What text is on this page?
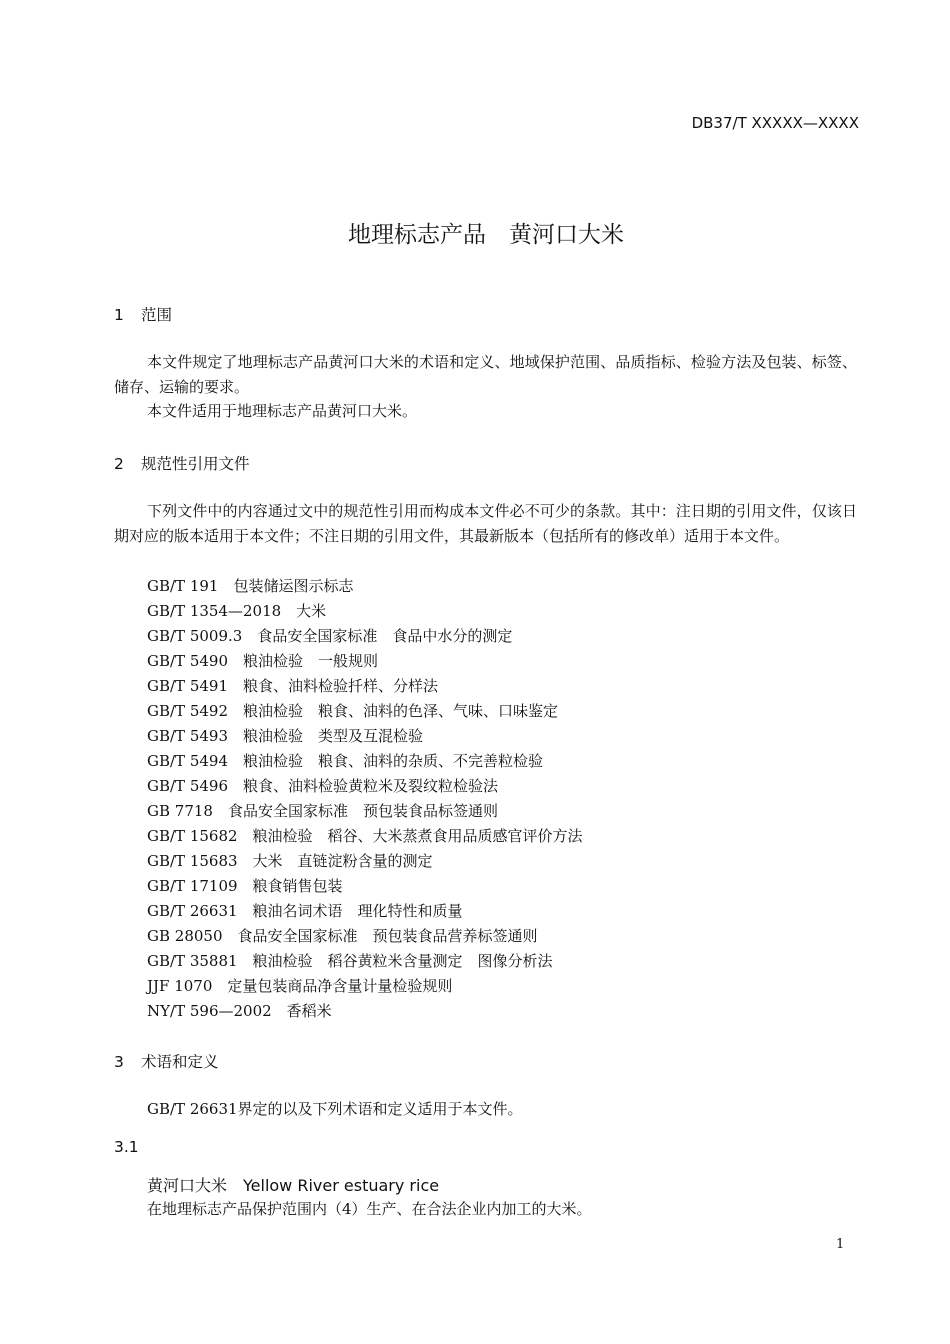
DB37/T XXXXX—XXXX
地理标志产品　黄河口大米
1 范围
本文件规定了地理标志产品黄河口大米的术语和定义、地域保护范围、品质指标、检验方法及包装、标签、储存、运输的要求。
本文件适用于地理标志产品黄河口大米。
2 规范性引用文件
下列文件中的内容通过文中的规范性引用而构成本文件必不可少的条款。其中：注日期的引用文件，仅该日期对应的版本适用于本文件；不注日期的引用文件，其最新版本（包括所有的修改单）适用于本文件。
GB/T 191　包装储运图示标志
GB/T 1354—2018　大米
GB/T 5009.3　食品安全国家标准　食品中水分的测定
GB/T 5490　粮油检验　一般规则
GB/T 5491　粮食、油料检验扦样、分样法
GB/T 5492　粮油检验　粮食、油料的色泽、气味、口味鉴定
GB/T 5493　粮油检验　类型及互混检验
GB/T 5494　粮油检验　粮食、油料的杂质、不完善粒检验
GB/T 5496　粮食、油料检验黄粒米及裂纹粒检验法
GB 7718　食品安全国家标准　预包装食品标签通则
GB/T 15682　粮油检验　稻谷、大米蒸煮食用品质感官评价方法
GB/T 15683　大米　直链淀粉含量的测定
GB/T 17109　粮食销售包装
GB/T 26631　粮油名词术语　理化特性和质量
GB 28050　食品安全国家标准　预包装食品营养标签通则
GB/T 35881　粮油检验　稻谷黄粒米含量测定　图像分析法
JJF 1070　定量包装商品净含量计量检验规则
NY/T 596—2002　香稻米
3 术语和定义
GB/T 26631界定的以及下列术语和定义适用于本文件。
3.1
黄河口大米　Yellow River estuary rice
在地理标志产品保护范围内（4）生产、在合法企业内加工的大米。
1
